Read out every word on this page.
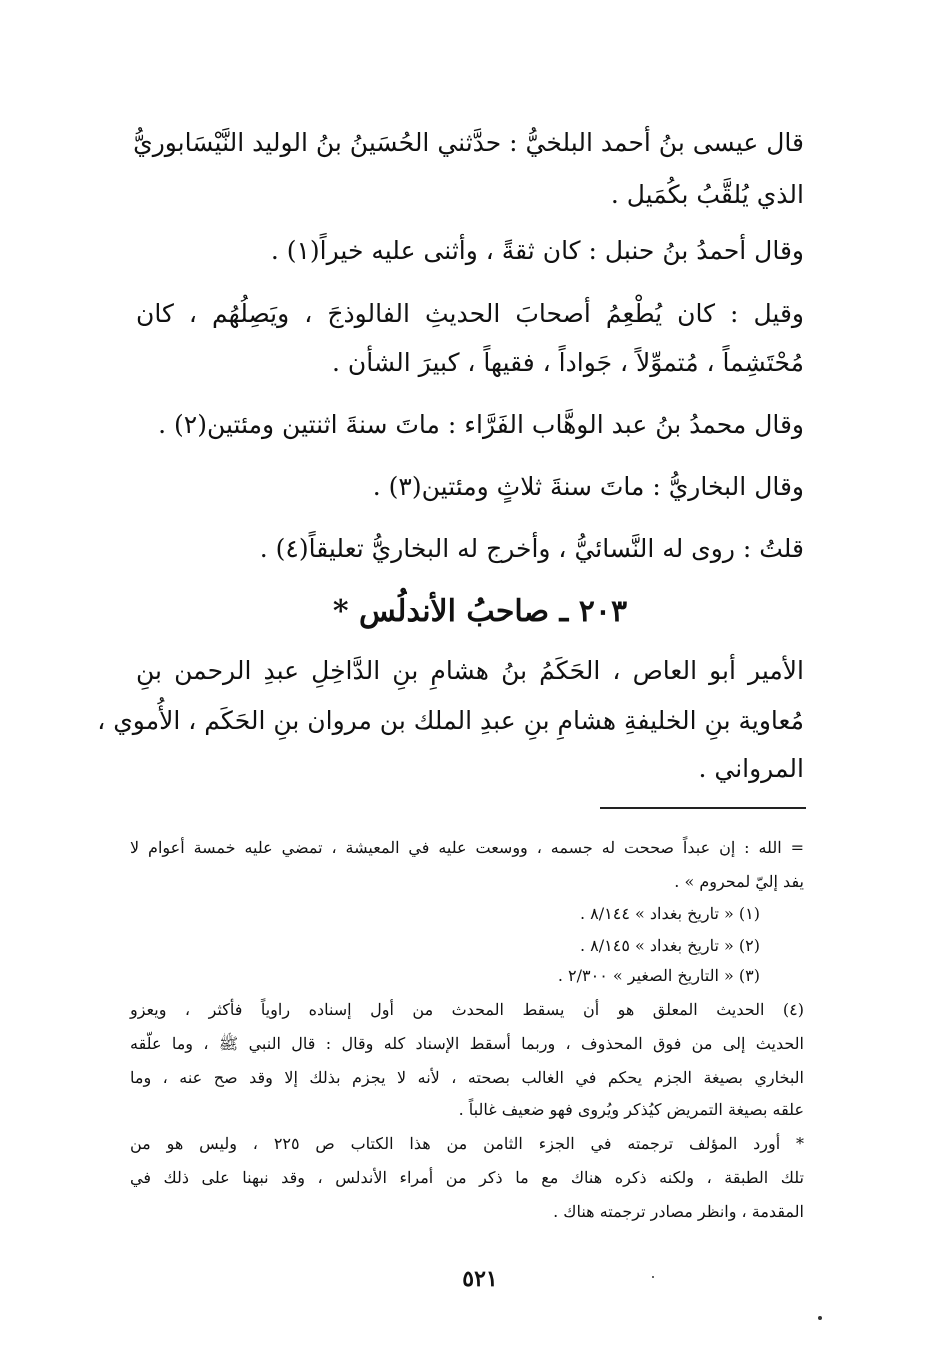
قال عيسى بنُ أحمد البلخيُّ : حدَّثني الحُسَينُ بنُ الوليد النَّيْسَابوريُّ
الذي يُلقَّبُ بكُمَيل .
وقال أحمدُ بنُ حنبل : كان ثقةً ، وأثنى عليه خيراً(١) .
وقيل : كان يُطْعِمُ أصحابَ الحديثِ الفالوذجَ ، ويَصِلُهُم ، كان
مُحْتَشِماً ، مُتموِّلاً ، جَواداً ، فقيهاً ، كبيرَ الشأن .
وقال محمدُ بنُ عبد الوهَّاب الفَرَّاء : ماتَ سنةَ اثنتين ومئتين(٢) .
وقال البخاريُّ : ماتَ سنةَ ثلاثٍ ومئتين(٣) .
قلتُ : روى له النَّسائيُّ ، وأخرج له البخاريُّ تعليقاً(٤) .
٢٠٣ ـ صاحبُ الأندلُس *
الأمير أبو العاص ، الحَكَمُ بنُ هشامِ بنِ الدَّاخِلِ عبدِ الرحمن بنِ
مُعاوية بنِ الخليفةِ هشامِ بنِ عبدِ الملك بن مروان بنِ الحَكَم ، الأُموي ،
المرواني .
= الله : إن عبداً صححت له جسمه ، ووسعت عليه في المعيشة ، تمضي عليه خمسة أعوام لا
يفد إليّ لمحروم » .
(١) « تاريخ بغداد » ٨/١٤٤ .
(٢) « تاريخ بغداد » ٨/١٤٥ .
(٣) « التاريخ الصغير » ٢/٣٠٠ .
(٤) الحديث المعلق هو أن يسقط المحدث من أول إسناده راوياً فأكثر ، ويعزو
الحديث إلى من فوق المحذوف ، وربما أسقط الإسناد كله وقال : قال النبي ﷺ ، وما علّقه
البخاري بصيغة الجزم يحكم في الغالب بصحته ، لأنه لا يجزم بذلك إلا وقد صح عنه ، وما
علقه بصيغة التمريض كيُذكر ويُروى فهو ضعيف غالباً .
* أورد المؤلف ترجمته في الجزء الثامن من هذا الكتاب ص ٢٢٥ ، وليس هو من
تلك الطبقة ، ولكنه ذكره هناك مع ما ذكر من أمراء الأندلس ، وقد نبهنا على ذلك في
المقدمة ، وانظر مصادر ترجمته هناك .
٥٢١
